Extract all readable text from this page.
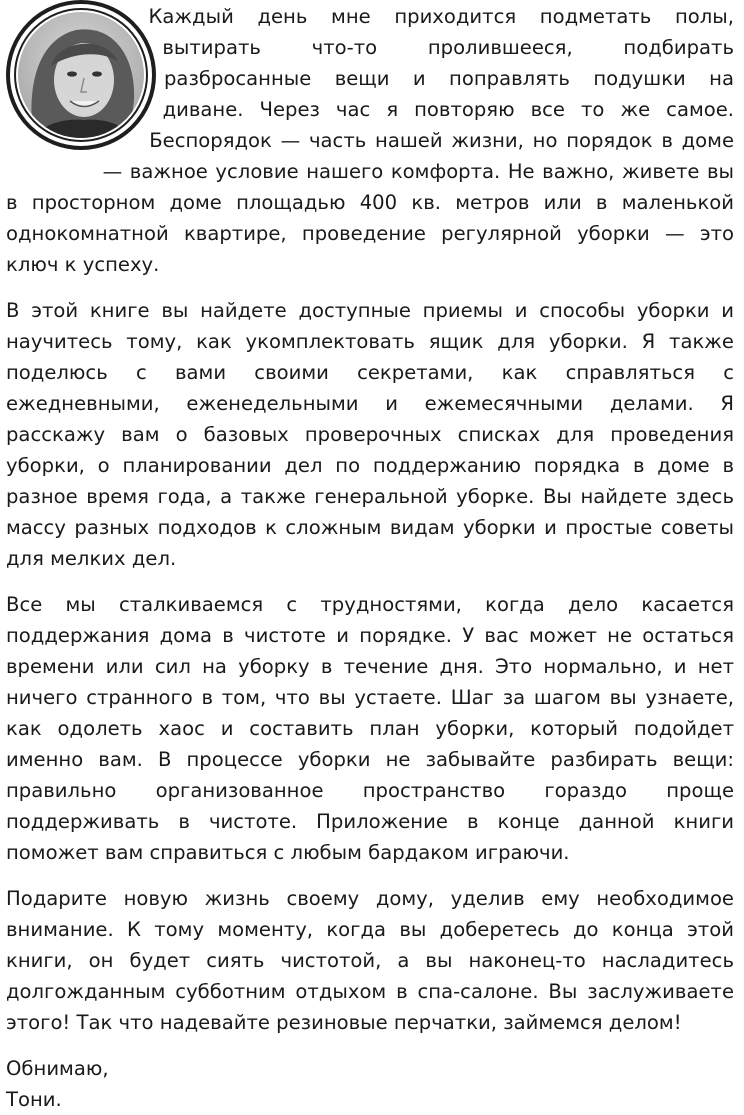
Каждый день мне приходится подметать полы, вытирать что-то пролившееся, подбирать разбросанные вещи и поправлять подушки на диване. Через час я повторяю все то же самое. Беспорядок — часть нашей жизни, но порядок в доме — важное условие нашего комфорта. Не важно, живете вы в просторном доме площадью 400 кв. метров или в маленькой однокомнатной квартире, проведение регулярной уборки — это ключ к успеху.

В этой книге вы найдете доступные приемы и способы уборки и научитесь тому, как укомплектовать ящик для уборки. Я также поделюсь с вами своими секретами, как справляться с ежедневными, еженедельными и ежемесячными делами. Я расскажу вам о базовых проверочных списках для проведения уборки, о планировании дел по поддержанию порядка в доме в разное время года, а также генеральной уборке. Вы найдете здесь массу разных подходов к сложным видам уборки и простые советы для мелких дел.

Все мы сталкиваемся с трудностями, когда дело касается поддержания дома в чистоте и порядке. У вас может не остаться времени или сил на уборку в течение дня. Это нормально, и нет ничего странного в том, что вы устаете. Шаг за шагом вы узнаете, как одолеть хаос и составить план уборки, который подойдет именно вам. В процессе уборки не забывайте разбирать вещи: правильно организованное пространство гораздо проще поддерживать в чистоте. Приложение в конце данной книги поможет вам справиться с любым бардаком играючи.

Подарите новую жизнь своему дому, уделив ему необходимое внимание. К тому моменту, когда вы доберетесь до конца этой книги, он будет сиять чистотой, а вы наконец-то насладитесь долгожданным субботним отдыхом в спа-салоне. Вы заслуживаете этого! Так что надевайте резиновые перчатки, займемся делом!

Обнимаю,

Тони.
